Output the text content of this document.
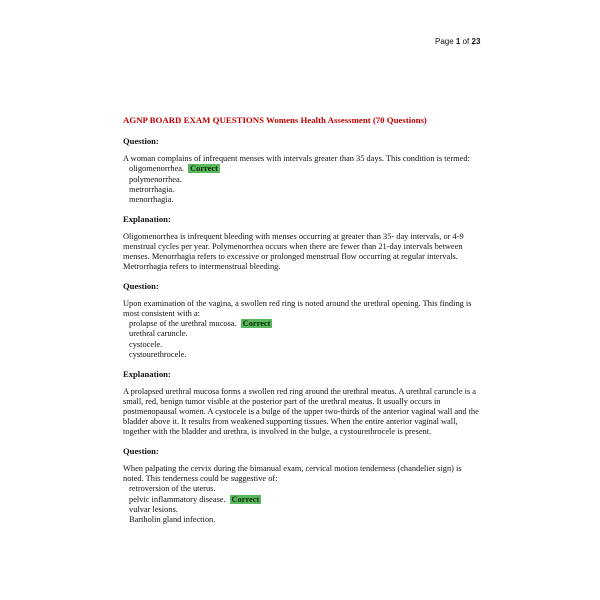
Page 1 of 23
AGNP BOARD EXAM QUESTIONS Womens Health Assessment (70 Questions)
Question:
A woman complains of infrequent menses with intervals greater than 35 days. This condition is termed:
oligomenorrhea. Correct
polymenorrhea.
metrorrhagia.
menorrhagia.
Explanation:
Oligomenorrhea is infrequent bleeding with menses occurring at greater than 35- day intervals, or 4-9 menstrual cycles per year. Polymenorrhea occurs when there are fewer than 21-day intervals between menses. Menorrhagia refers to excessive or prolonged menstrual flow occurring at regular intervals. Metrorrhagia refers to intermenstrual bleeding.
Question:
Upon examination of the vagina, a swollen red ring is noted around the urethral opening. This finding is most consistent with a:
prolapse of the urethral mucosa. Correct
urethral caruncle.
cystocele.
cystourethrocele.
Explanation:
A prolapsed urethral mucosa forms a swollen red ring around the urethral meatus. A urethral caruncle is a small, red, benign tumor visible at the posterior part of the urethral meatus. It usually occurs in postmenopausal women. A cystocele is a bulge of the upper two-thirds of the anterior vaginal wall and the bladder above it. It results from weakened supporting tissues. When the entire anterior vaginal wall, together with the bladder and urethra, is involved in the bulge, a cystourethrocele is present.
Question:
When palpating the cervix during the bimanual exam, cervical motion tenderness (chandelier sign) is noted. This tenderness could be suggestive of:
retroversion of the uterus.
pelvic inflammatory disease. Correct
vulvar lesions.
Bartholin gland infection.
